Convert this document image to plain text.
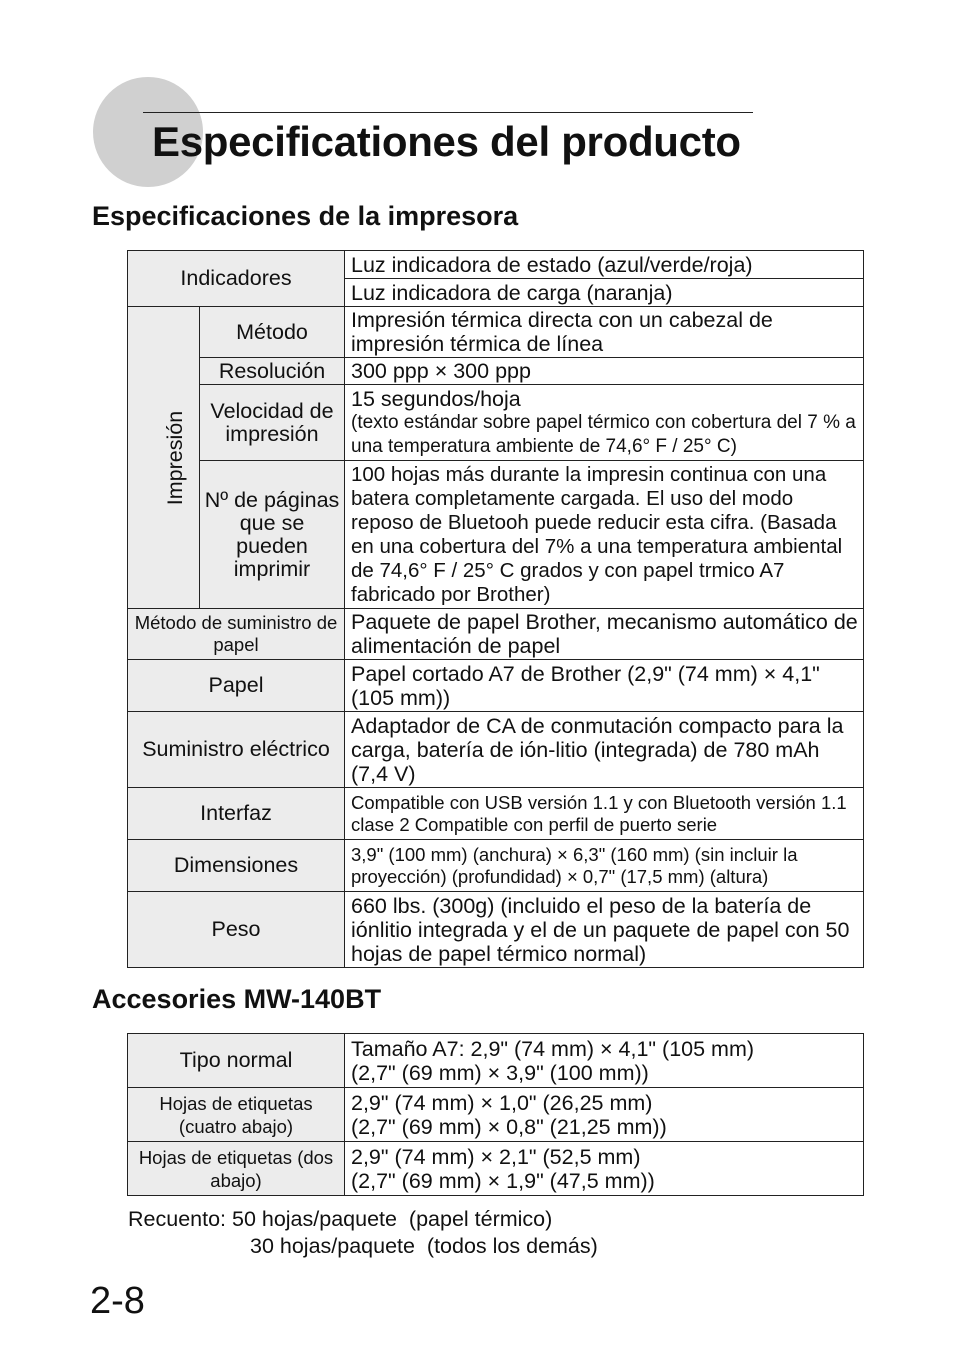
Especificationes del producto
Especificaciones de la impresora
Indicadores		Luz indicadora de estado (azul/verde/roja)
		Luz indicadora de carga (naranja)
Impresión	Método	Impresión térmica directa con un cabezal de impresión térmica de línea
	Resolución	300 ppp × 300 ppp
	Velocidad de impresión	15 segundos/hoja
(texto estándar sobre papel térmico con cobertura del 7 % a una temperatura ambiente de 74,6° F / 25° C)

	Nº de páginas que se pueden imprimir	100 hojas más durante la impresin continua con una batera completamente cargada. El uso del modo reposo de Bluetooh puede reducir esta cifra. (Basada en una cobertura del 7% a una temperatura ambiental de 74,6° F / 25° C grados y con papel trmico A7 fabricado por Brother)
Método de suministro de papel		Paquete de papel Brother, mecanismo automático de alimentación de papel
Papel		Papel cortado A7 de Brother (2,9" (74 mm) × 4,1" (105 mm))
Suministro eléctrico		Adaptador de CA de conmutación compacto para la carga, batería de ión-litio (integrada) de 780 mAh (7,4 V)
Interfaz		Compatible con USB versión 1.1 y con Bluetooth versión 1.1 clase 2 Compatible con perfil de puerto serie
Dimensiones		3,9" (100 mm) (anchura) × 6,3" (160 mm) (sin incluir la proyección) (profundidad) × 0,7" (17,5 mm) (altura)
Peso		660 lbs. (300g) (incluido el peso de la batería de iónlitio integrada y el de un paquete de papel con 50 hojas de papel térmico normal)
Accesories MW-140BT
Tipo normal	Tamaño A7: 2,9" (74 mm) × 4,1" (105 mm)
(2,7" (69 mm) × 3,9" (100 mm))

Hojas de etiquetas (cuatro abajo)	2,9" (74 mm) × 1,0" (26,25 mm)
(2,7" (69 mm) × 0,8" (21,25 mm))

Hojas de etiquetas (dos abajo)	2,9" (74 mm) × 2,1" (52,5 mm)
(2,7" (69 mm) × 1,9" (47,5 mm))
Recuento: 50 hojas/paquete  (papel térmico)
30 hojas/paquete  (todos los demás)
2-8
